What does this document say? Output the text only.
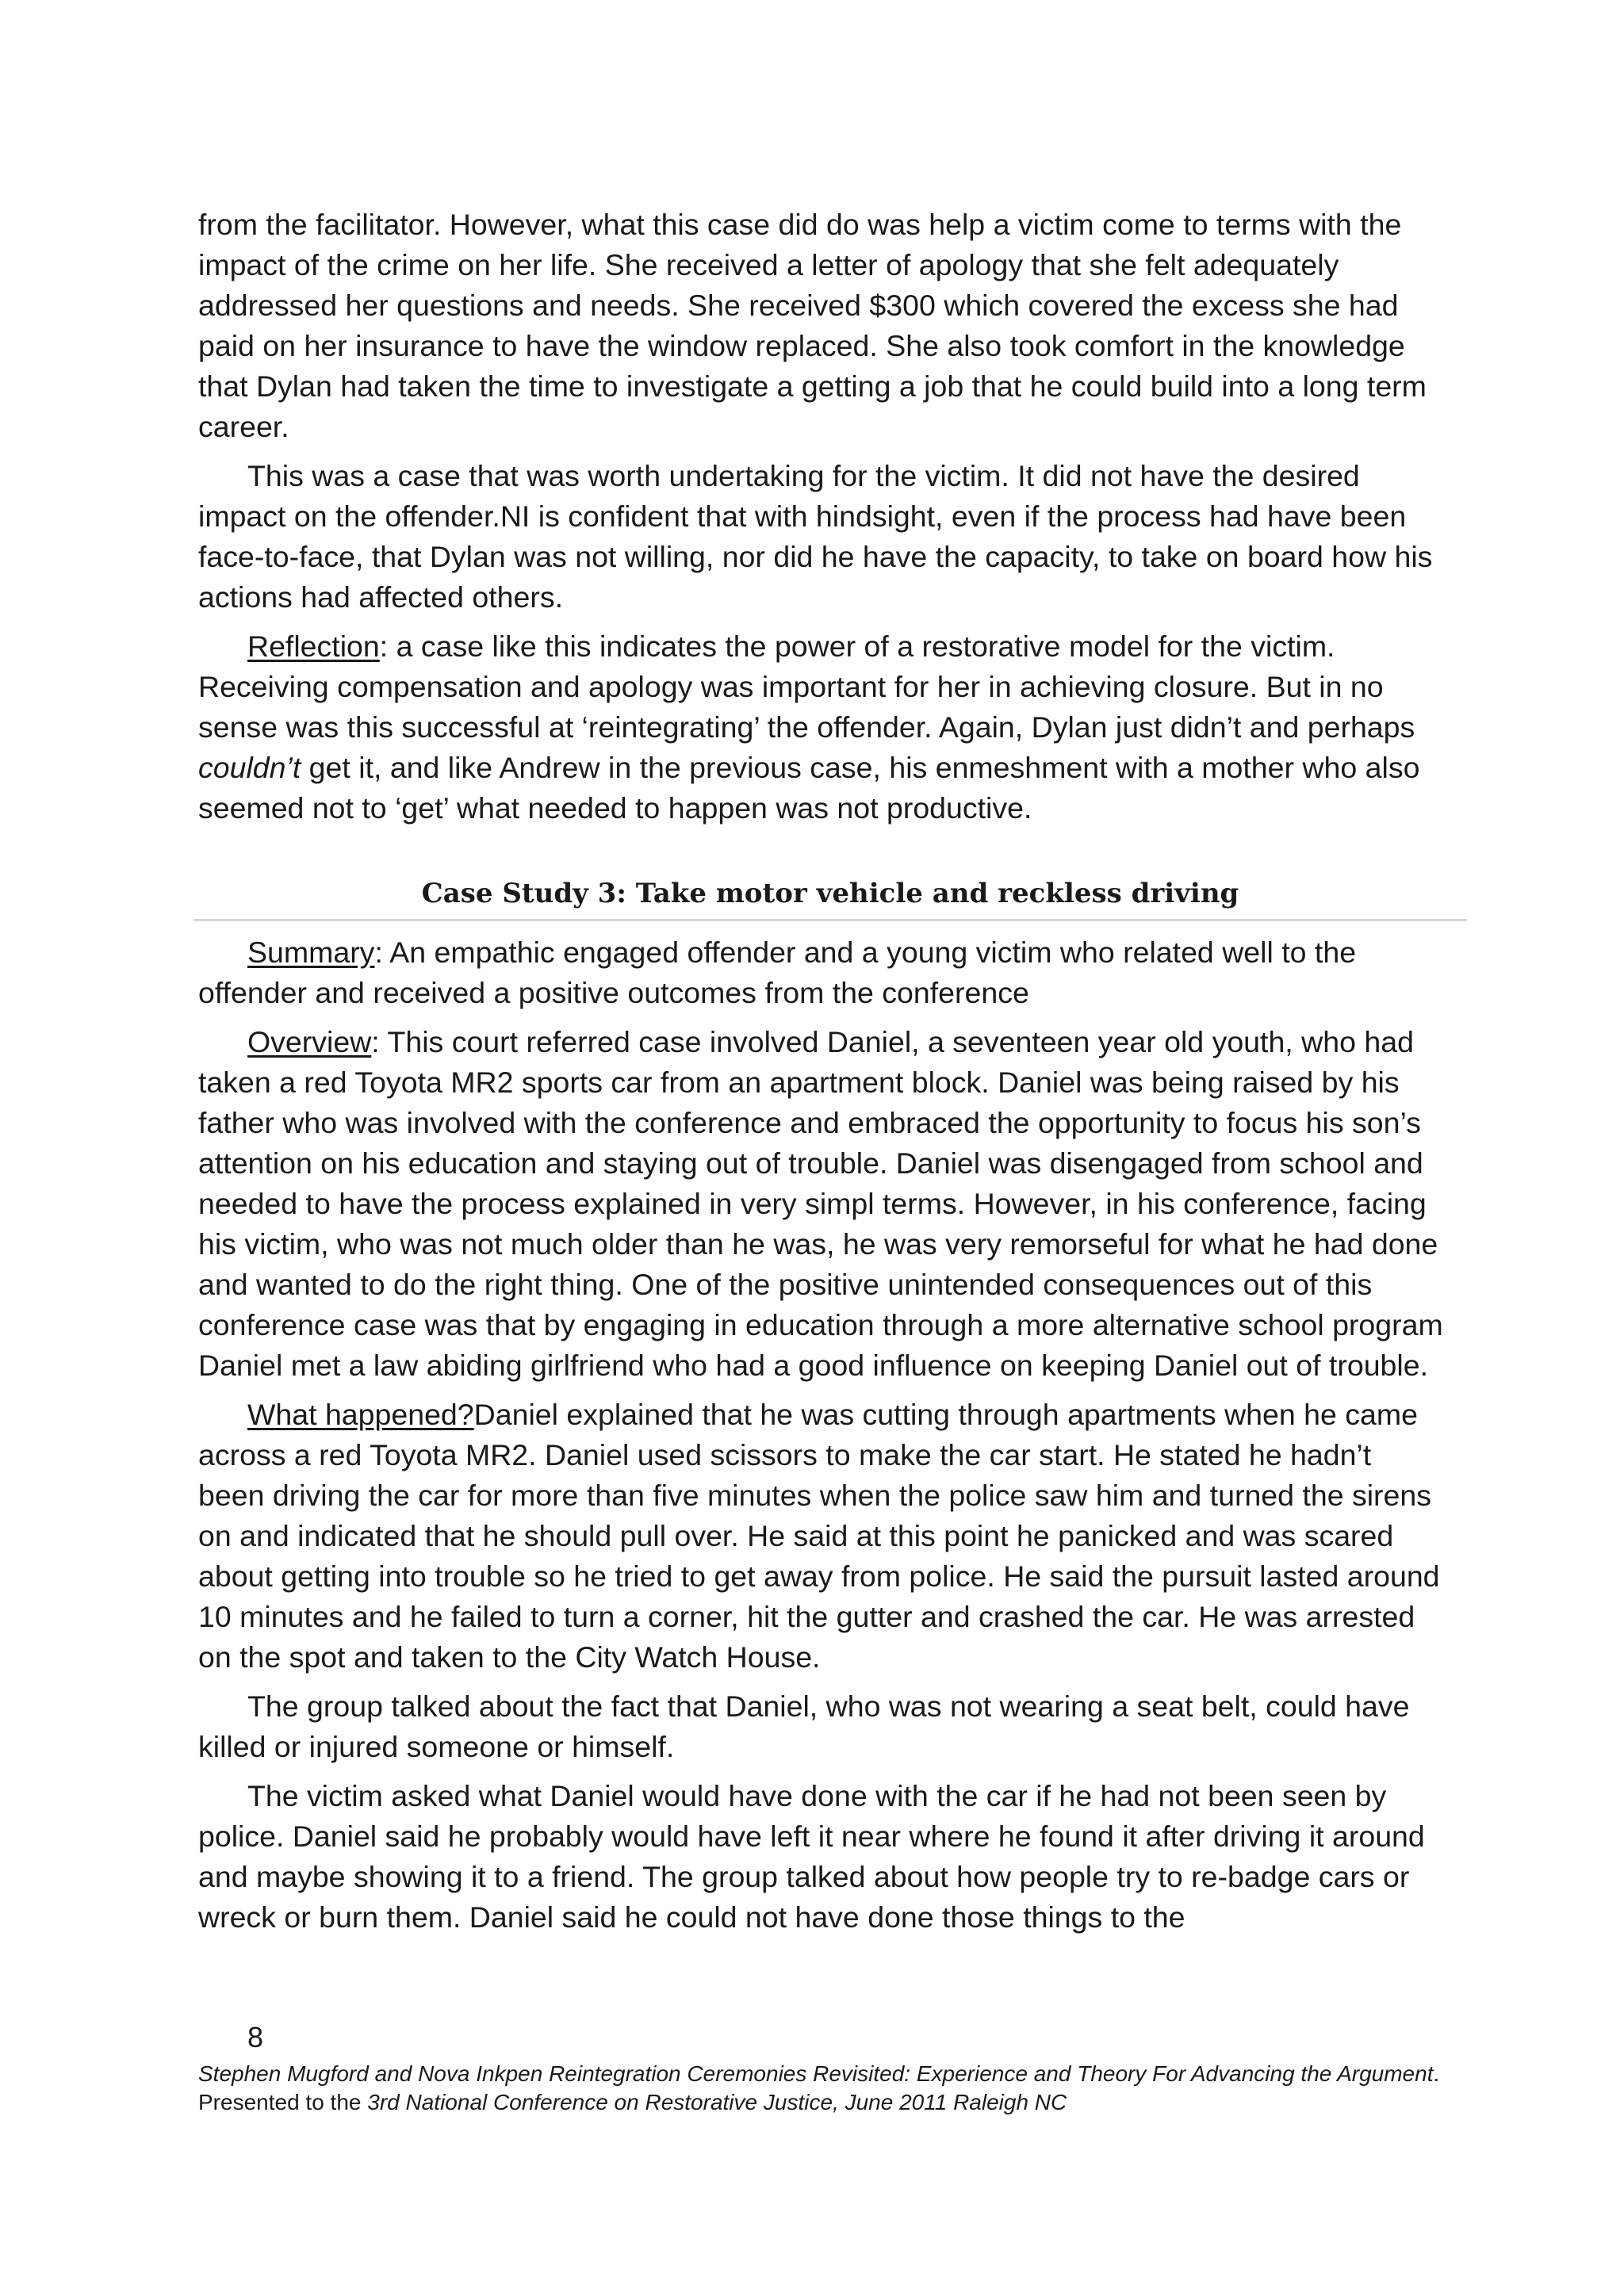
from the facilitator. However, what this case did do was help a victim come to terms with the impact of the crime on her life. She received a letter of apology that she felt adequately addressed her questions and needs. She received $300 which covered the excess she had paid on her insurance to have the window replaced. She also took comfort in the knowledge that Dylan had taken the time to investigate a getting a job that he could build into a long term career.

This was a case that was worth undertaking for the victim. It did not have the desired impact on the offender.NI is confident that with hindsight, even if the process had have been face-to-face, that Dylan was not willing, nor did he have the capacity, to take on board how his actions had affected others.

Reflection: a case like this indicates the power of a restorative model for the victim. Receiving compensation and apology was important for her in achieving closure. But in no sense was this successful at ‘reintegrating’ the offender. Again, Dylan just didn’t and perhaps couldn’t get it, and like Andrew in the previous case, his enmeshment with a mother who also seemed not to ‘get’ what needed to happen was not productive.

Case Study 3: Take motor vehicle and reckless driving

Summary: An empathic engaged offender and a young victim who related well to the offender and received a positive outcomes from the conference

Overview: This court referred case involved Daniel, a seventeen year old youth, who had taken a red Toyota MR2 sports car from an apartment block. Daniel was being raised by his father who was involved with the conference and embraced the opportunity to focus his son’s attention on his education and staying out of trouble. Daniel was disengaged from school and needed to have the process explained in very simpl terms. However, in his conference, facing his victim, who was not much older than he was, he was very remorseful for what he had done and wanted to do the right thing. One of the positive unintended consequences out of this conference case was that by engaging in education through a more alternative school program Daniel met a law abiding girlfriend who had a good influence on keeping Daniel out of trouble.

What happened?Daniel explained that he was cutting through apartments when he came across a red Toyota MR2. Daniel used scissors to make the car start. He stated he hadn’t been driving the car for more than five minutes when the police saw him and turned the sirens on and indicated that he should pull over. He said at this point he panicked and was scared about getting into trouble so he tried to get away from police. He said the pursuit lasted around 10 minutes and he failed to turn a corner, hit the gutter and crashed the car. He was arrested on the spot and taken to the City Watch House.

The group talked about the fact that Daniel, who was not wearing a seat belt, could have killed or injured someone or himself.

The victim asked what Daniel would have done with the car if he had not been seen by police. Daniel said he probably would have left it near where he found it after driving it around and maybe showing it to a friend. The group talked about how people try to re-badge cars or wreck or burn them. Daniel said he could not have done those things to the

8
Stephen Mugford and Nova Inkpen Reintegration Ceremonies Revisited: Experience and Theory For Advancing the Argument. Presented to the 3rd National Conference on Restorative Justice, June 2011 Raleigh NC
